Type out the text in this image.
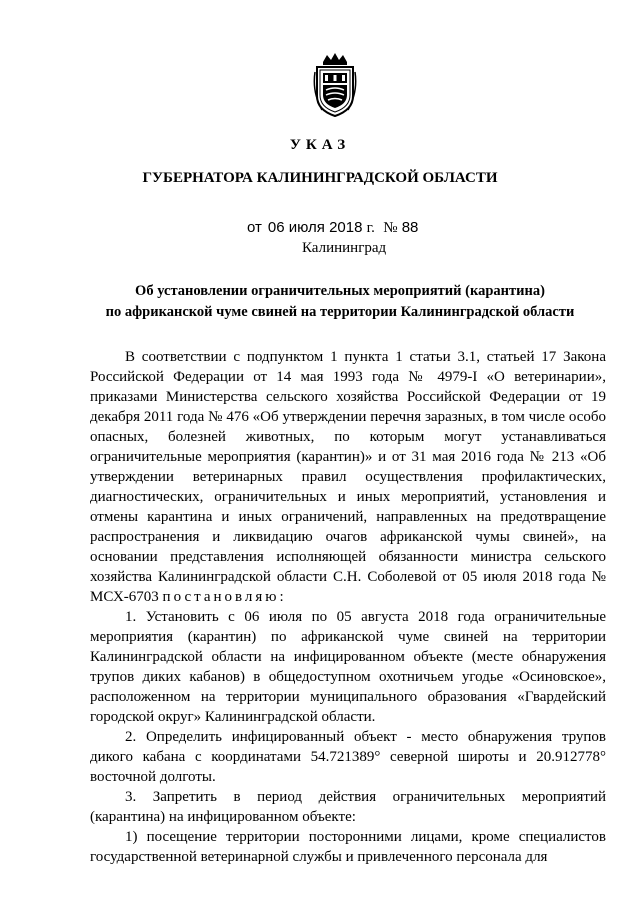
УКАЗ
ГУБЕРНАТОРА КАЛИНИНГРАДСКОЙ ОБЛАСТИ
от 06 июля 2018 г. № 88
Калининград
Об установлении ограничительных мероприятий (карантина)
по африканской чуме свиней на территории Калининградской области

В соответствии с подпунктом 1 пункта 1 статьи 3.1, статьей 17 Закона Российской Федерации от 14 мая 1993 года № 4979-I «О ветеринарии», приказами Министерства сельского хозяйства Российской Федерации от 19 декабря 2011 года № 476 «Об утверждении перечня заразных, в том числе особо опасных, болезней животных, по которым могут устанавливаться ограничительные мероприятия (карантин)» и от 31 мая 2016 года № 213 «Об утверждении ветеринарных правил осуществления профилактических, диагностических, ограничительных и иных мероприятий, установления и отмены карантина и иных ограничений, направленных на предотвращение распространения и ликвидацию очагов африканской чумы свиней», на основании представления исполняющей обязанности министра сельского хозяйства Калининградской области С.Н. Соболевой от 05 июля 2018 года № МСХ-6703 постановляю:

1. Установить с 06 июля по 05 августа 2018 года ограничительные мероприятия (карантин) по африканской чуме свиней на территории Калининградской области на инфицированном объекте (месте обнаружения трупов диких кабанов) в общедоступном охотничьем угодье «Осиновское», расположенном на территории муниципального образования «Гвардейский городской округ» Калининградской области.

2. Определить инфицированный объект - место обнаружения трупов дикого кабана с координатами 54.721389° северной широты и 20.912778° восточной долготы.

3. Запретить в период действия ограничительных мероприятий (карантина) на инфицированном объекте:

1) посещение территории посторонними лицами, кроме специалистов государственной ветеринарной службы и привлеченного персонала для
